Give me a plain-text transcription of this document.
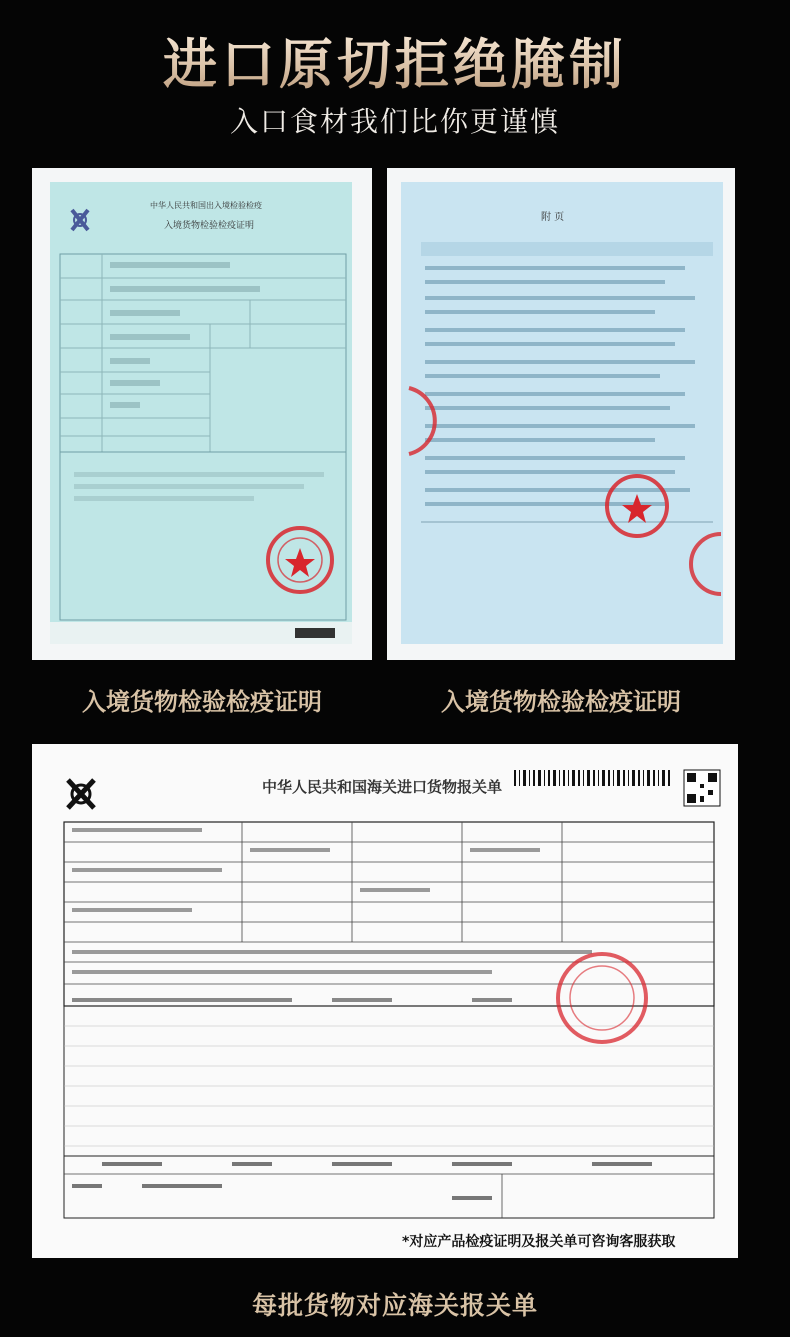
进口原切拒绝腌制
入口食材我们比你更谨慎
中华人民共和国出入境检验检疫
入境货物检验检疫证明
附 页
入境货物检验检疫证明	入境货物检验检疫证明
中华人民共和国海关进口货物报关单
*对应产品检疫证明及报关单可咨询客服获取
每批货物对应海关报关单
